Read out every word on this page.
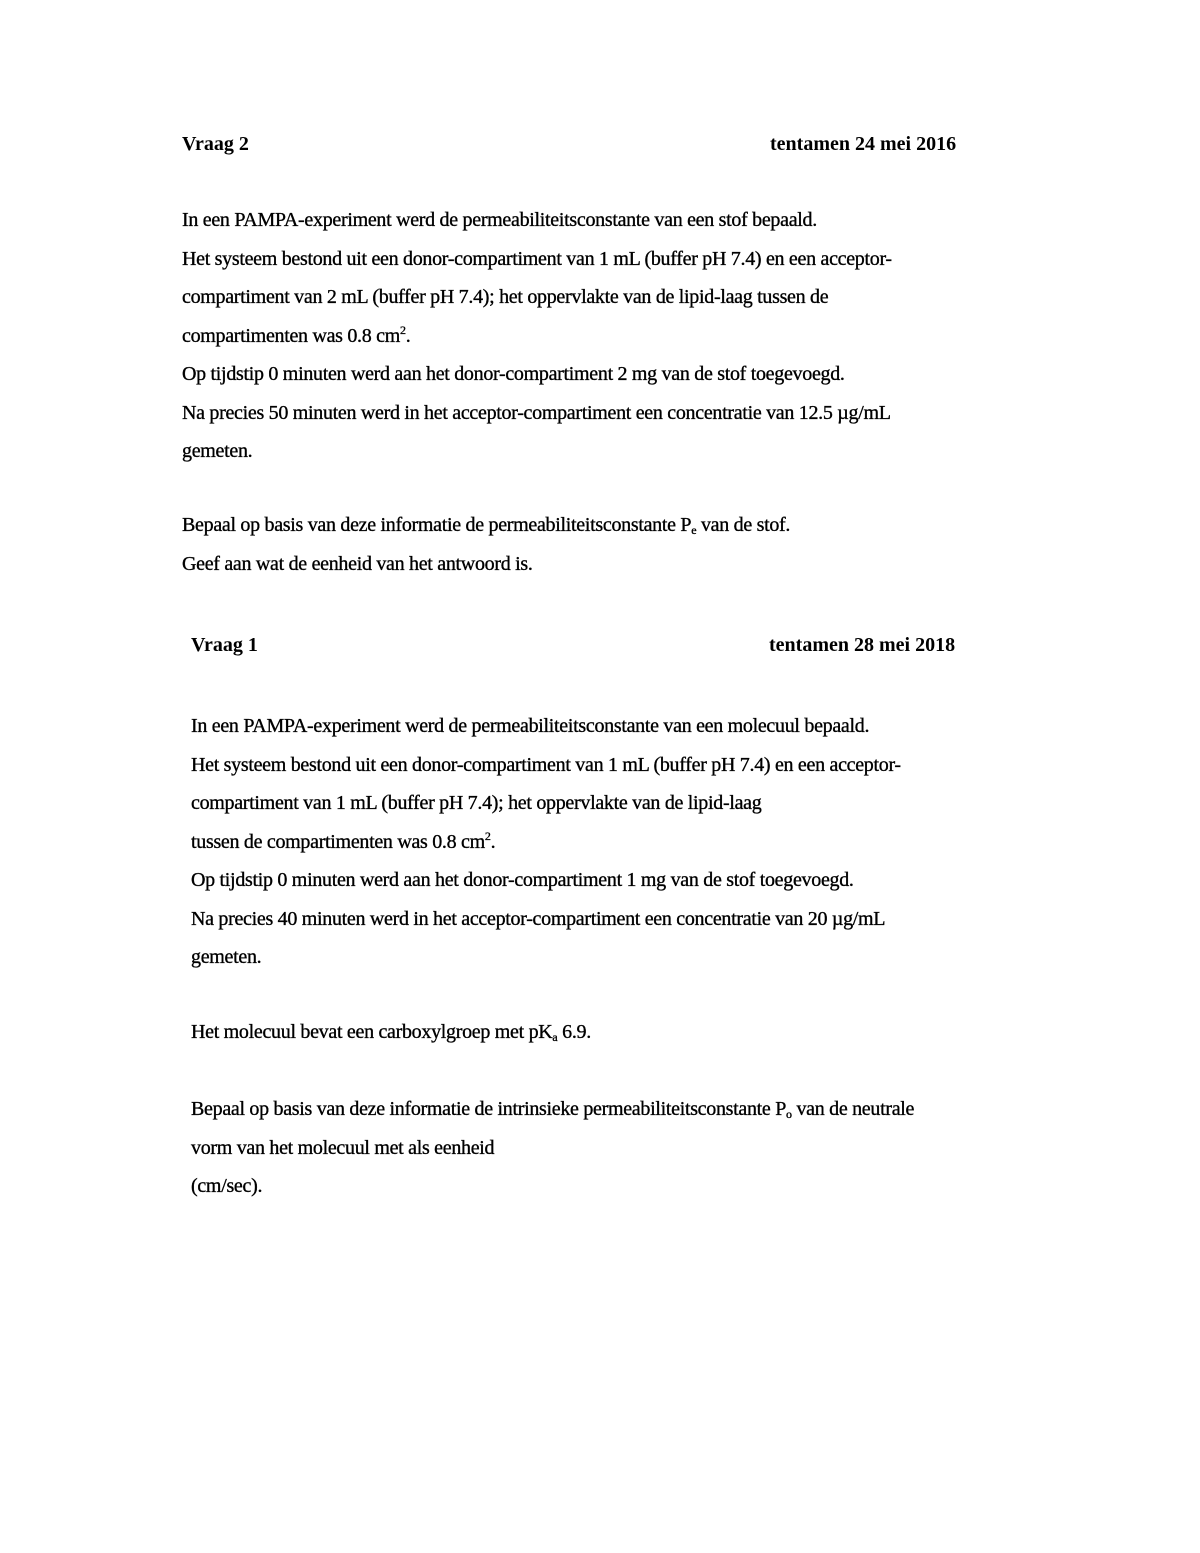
Vraag 2	tentamen 24 mei 2016
In een PAMPA-experiment werd de permeabiliteitsconstante van een stof bepaald.
Het systeem bestond uit een donor-compartiment van 1 mL (buffer pH 7.4) en een acceptor-
compartiment van 2 mL (buffer pH 7.4); het oppervlakte van de lipid-laag tussen de
compartimenten was 0.8 $cm^2$.
Op tijdstip 0 minuten werd aan het donor-compartiment 2 mg van de stof toegevoegd.
Na precies 50 minuten werd in het acceptor-compartiment een concentratie van 12.5 µg/mL
gemeten.
Bepaal op basis van deze informatie de permeabiliteitsconstante $P_e$ van de stof.
Geef aan wat de eenheid van het antwoord is.
Vraag 1	tentamen 28 mei 2018
In een PAMPA-experiment werd de permeabiliteitsconstante van een molecuul bepaald.
Het systeem bestond uit een donor-compartiment van 1 mL (buffer pH 7.4) en een acceptor-
compartiment van 1 mL (buffer pH 7.4); het oppervlakte van de lipid-laag
tussen de compartimenten was 0.8 $cm^2$.
Op tijdstip 0 minuten werd aan het donor-compartiment 1 mg van de stof toegevoegd.
Na precies 40 minuten werd in het acceptor-compartiment een concentratie van 20 µg/mL
gemeten.
Het molecuul bevat een carboxylgroep met $pK_a$ 6.9.
Bepaal op basis van deze informatie de intrinsieke permeabiliteitsconstante $P_o$ van de neutrale
vorm van het molecuul met als eenheid
(cm/sec).
